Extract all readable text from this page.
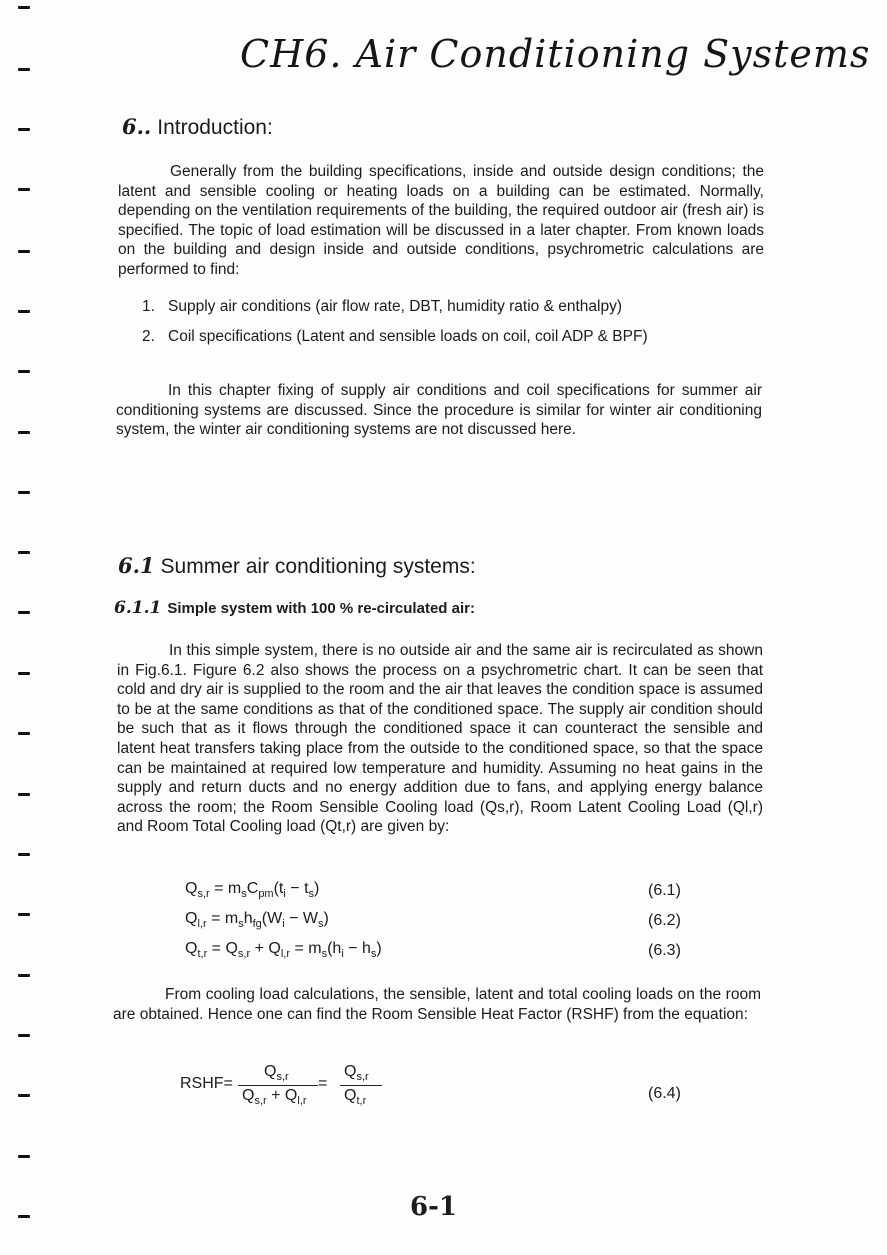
CH6. Air Conditioning Systems
6.. Introduction:
Generally from the building specifications, inside and outside design conditions; the latent and sensible cooling or heating loads on a building can be estimated. Normally, depending on the ventilation requirements of the building, the required outdoor air (fresh air) is specified. The topic of load estimation will be discussed in a later chapter. From known loads on the building and design inside and outside conditions, psychrometric calculations are performed to find:
1. Supply air conditions (air flow rate, DBT, humidity ratio & enthalpy)
2. Coil specifications (Latent and sensible loads on coil, coil ADP & BPF)
In this chapter fixing of supply air conditions and coil specifications for summer air conditioning systems are discussed. Since the procedure is similar for winter air conditioning system, the winter air conditioning systems are not discussed here.
6.1 Summer air conditioning systems:
6.1.1 Simple system with 100 % re-circulated air:
In this simple system, there is no outside air and the same air is recirculated as shown in Fig.6.1. Figure 6.2 also shows the process on a psychrometric chart. It can be seen that cold and dry air is supplied to the room and the air that leaves the condition space is assumed to be at the same conditions as that of the conditioned space. The supply air condition should be such that as it flows through the conditioned space it can counteract the sensible and latent heat transfers taking place from the outside to the conditioned space, so that the space can be maintained at required low temperature and humidity. Assuming no heat gains in the supply and return ducts and no energy addition due to fans, and applying energy balance across the room; the Room Sensible Cooling load (Qs,r), Room Latent Cooling Load (Ql,r) and Room Total Cooling load (Qt,r) are given by:
$Q_{s,r} = m_sC_{pm}(t_i - t_s)$	(6.1)
$Q_{l,r} = m_sh_{fg}(W_i - W_s)$	(6.2)
$Q_{t,r} = Q_{s,r} + Q_{l,r} = m_s(h_i - h_s)$	(6.3)
From cooling load calculations, the sensible, latent and total cooling loads on the room are obtained. Hence one can find the Room Sensible Heat Factor (RSHF) from the equation:
RSHF=
$Q_{s,r}$
$Q_{s,r} + Q_{l,r}$
=
$Q_{s,r}$
$Q_{t,r}$	(6.4)
6-1
